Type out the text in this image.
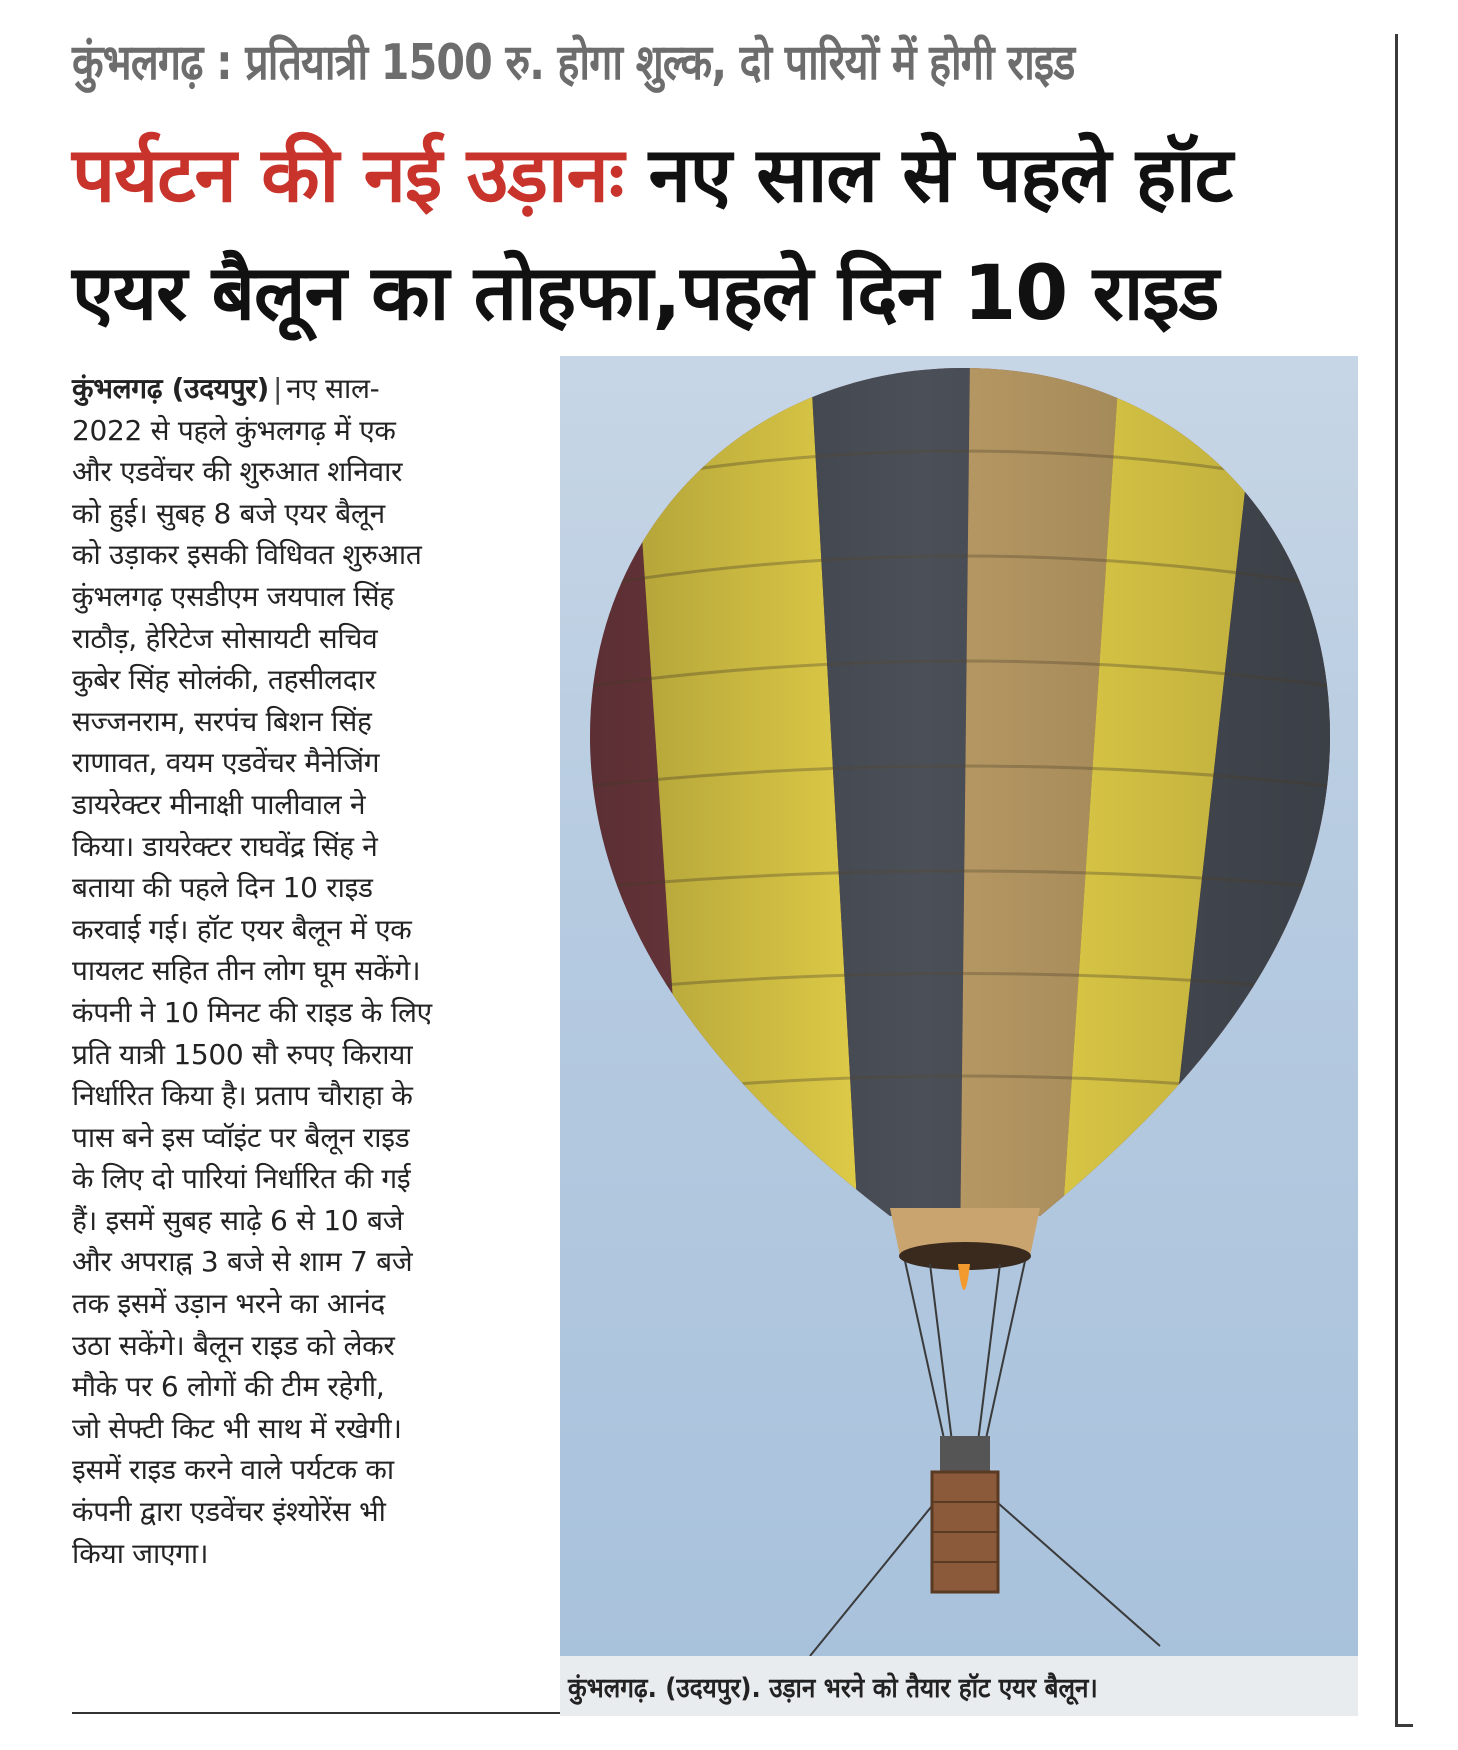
कुंभलगढ़ : प्रतियात्री 1500 रु. होगा शुल्क, दो पारियों में होगी राइड
पर्यटन की नई उड़ानः नए साल से पहले हॉट
एयर बैलून का तोहफा,पहले दिन 10 राइड
कुंभलगढ़ (उदयपुर) | नए साल-
2022 से पहले कुंभलगढ़ में एक
और एडवेंचर की शुरुआत शनिवार
को हुई। सुबह 8 बजे एयर बैलून
को उड़ाकर इसकी विधिवत शुरुआत
कुंभलगढ़ एसडीएम जयपाल सिंह
राठौड़, हेरिटेज सोसायटी सचिव
कुबेर सिंह सोलंकी, तहसीलदार
सज्जनराम, सरपंच बिशन सिंह
राणावत, वयम एडवेंचर मैनेजिंग
डायरेक्टर मीनाक्षी पालीवाल ने
किया। डायरेक्टर राघवेंद्र सिंह ने
बताया की पहले दिन 10 राइड
करवाई गई। हॉट एयर बैलून में एक
पायलट सहित तीन लोग घूम सकेंगे।
कंपनी ने 10 मिनट की राइड के लिए
प्रति यात्री 1500 सौ रुपए किराया
निर्धारित किया है। प्रताप चौराहा के
पास बने इस प्वॉइंट पर बैलून राइड
के लिए दो पारियां निर्धारित की गई
हैं। इसमें सुबह साढ़े 6 से 10 बजे
और अपराह्न 3 बजे से शाम 7 बजे
तक इसमें उड़ान भरने का आनंद
उठा सकेंगे। बैलून राइड को लेकर
मौके पर 6 लोगों की टीम रहेगी,
जो सेफ्टी किट भी साथ में रखेगी।
इसमें राइड करने वाले पर्यटक का
कंपनी द्वारा एडवेंचर इंश्योरेंस भी
किया जाएगा।
कुंभलगढ़. (उदयपुर). उड़ान भरने को तैयार हॉट एयर बैलून।
